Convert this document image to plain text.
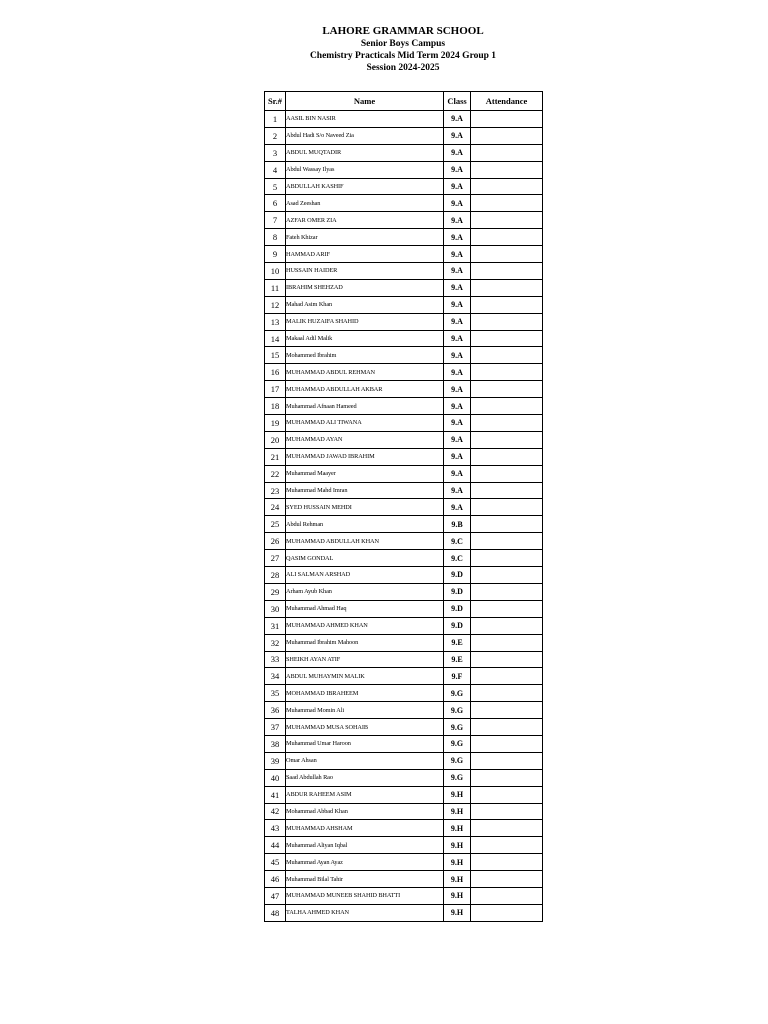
LAHORE GRAMMAR SCHOOL
Senior Boys Campus
Chemistry Practicals Mid Term 2024 Group 1
Session 2024-2025
Sr.#	Name	Class	Attendance
1	AASIL BIN NASIR	9.A	
2	Abdul Hadi S/o Naveed Zia	9.A	
3	ABDUL MUQTADIR	9.A	
4	Abdul Wassay Ilyas	9.A	
5	ABDULLAH KASHIF	9.A	
6	Asad Zeeshan	9.A	
7	AZFAR OMER ZIA	9.A	
8	Fateh Khizar	9.A	
9	HAMMAD ARIF	9.A	
10	HUSSAIN HAIDER	9.A	
11	IBRAHIM SHEHZAD	9.A	
12	Mahad Asim Khan	9.A	
13	MALIK HUZAIFA SHAHID	9.A	
14	Makaal Adil Malik	9.A	
15	Mohammed Ibrahim	9.A	
16	MUHAMMAD ABDUL REHMAN	9.A	
17	MUHAMMAD ABDULLAH AKBAR	9.A	
18	Muhammad Afnaan Hameed	9.A	
19	MUHAMMAD ALI TIWANA	9.A	
20	MUHAMMAD AYAN	9.A	
21	MUHAMMAD JAWAD IBRAHIM	9.A	
22	Muhammad Maayer	9.A	
23	Muhammad Mahd Imran	9.A	
24	SYED HUSSAIN MEHDI	9.A	
25	Abdul Rehman	9.B	
26	MUHAMMAD ABDULLAH KHAN	9.C	
27	QASIM GONDAL	9.C	
28	ALI SALMAN ARSHAD	9.D	
29	Arham Ayub Khan	9.D	
30	Muhammad Ahmad Haq	9.D	
31	MUHAMMAD AHMED KHAN	9.D	
32	Muhammad Ibrahim Mahoon	9.E	
33	SHEIKH AYAN ATIF	9.E	
34	ABDUL MUHAYMIN MALIK	9.F	
35	MOHAMMAD IBRAHEEM	9.G	
36	Muhammad Momin Ali	9.G	
37	MUHAMMAD MUSA SOHAIB	9.G	
38	Muhammad Umar Haroon	9.G	
39	Omar Ahsan	9.G	
40	Saad Abdullah Rao	9.G	
41	ABDUR RAHEEM ASIM	9.H	
42	Mohammad Abbad Khan	9.H	
43	MUHAMMAD AHSHAM	9.H	
44	Muhammad Aliyan Iqbal	9.H	
45	Muhammad Ayan Ayaz	9.H	
46	Muhammad Bilal Tahir	9.H	
47	MUHAMMAD MUNEEB SHAHID BHATTI	9.H	
48	TALHA AHMED KHAN	9.H	
